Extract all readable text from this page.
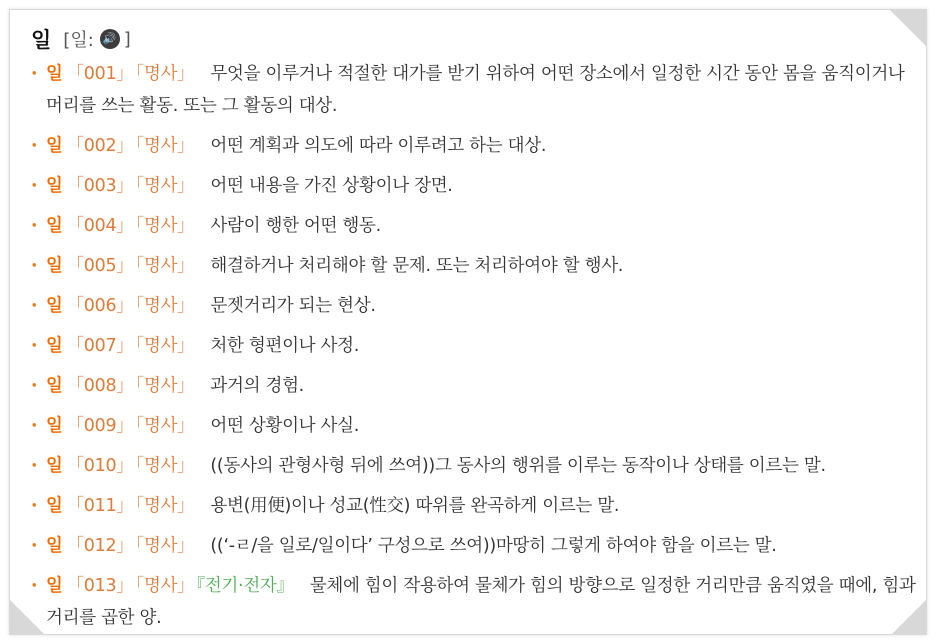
일 [일: 🔊 ]
· 일 「001」 「명사」 무엇을 이루거나 적절한 대가를 받기 위하여 어떤 장소에서 일정한 시간 동안 몸을 움직이거나 머리를 쓰는 활동. 또는 그 활동의 대상.
· 일 「002」 「명사」 어떤 계획과 의도에 따라 이루려고 하는 대상.
· 일 「003」 「명사」 어떤 내용을 가진 상황이나 장면.
· 일 「004」 「명사」 사람이 행한 어떤 행동.
· 일 「005」 「명사」 해결하거나 처리해야 할 문제. 또는 처리하여야 할 행사.
· 일 「006」 「명사」 문젯거리가 되는 현상.
· 일 「007」 「명사」 처한 형편이나 사정.
· 일 「008」 「명사」 과거의 경험.
· 일 「009」 「명사」 어떤 상황이나 사실.
· 일 「010」 「명사」 ((동사의 관형사형 뒤에 쓰여))그 동사의 행위를 이루는 동작이나 상태를 이르는 말.
· 일 「011」 「명사」 용변(用便)이나 성교(性交) 따위를 완곡하게 이르는 말.
· 일 「012」 「명사」 ((‘-ㄹ/을 일로/일이다’ 구성으로 쓰여))마땅히 그렇게 하여야 함을 이르는 말.
· 일 「013」 「명사」 『전기·전자』 물체에 힘이 작용하여 물체가 힘의 방향으로 일정한 거리만큼 움직였을 때에, 힘과 거리를 곱한 양.
